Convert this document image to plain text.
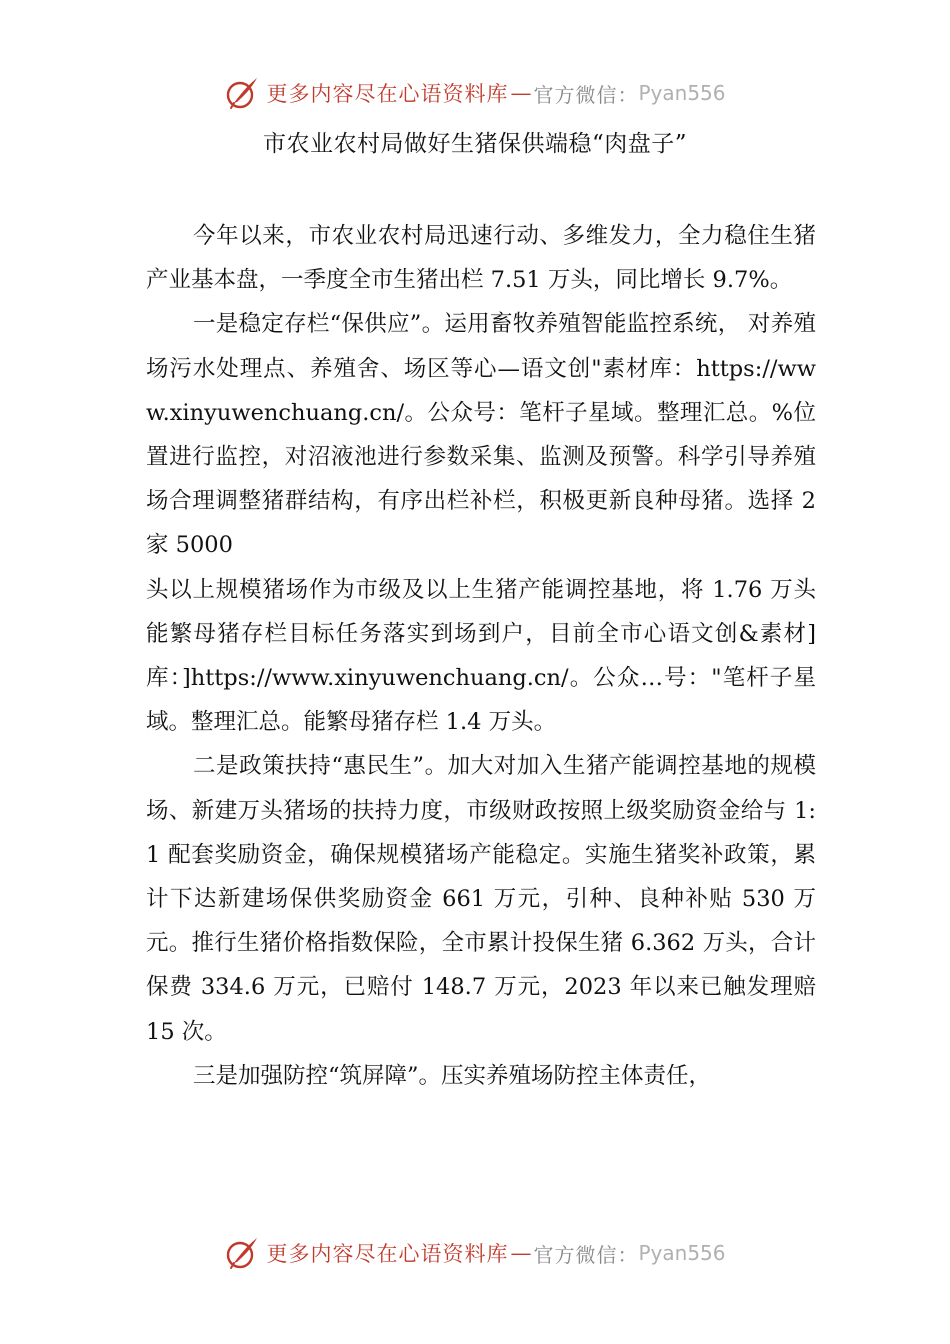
更多内容尽在心语资料库 — 官方微信： Pyan556
市农业农村局做好生猪保供端稳“肉盘子”

今年以来，市农业农村局迅速行动、多维发力，全力稳住生猪产业基本盘，一季度全市生猪出栏 7.51 万头，同比增长 9.7%。

一是稳定存栏“保供应”。运用畜牧养殖智能监控系统， 对养殖场污水处理点、养殖舍、场区等心—语文创"素材库：https://www.xinyuwenchuang.cn/。公众号：笔杆子星域。整理汇总。%位置进行监控，对沼液池进行参数采集、监测及预警。科学引导养殖场合理调整猪群结构，有序出栏补栏，积极更新良种母猪。选择 2 家 5000

头以上规模猪场作为市级及以上生猪产能调控基地，将 1.76 万头能繁母猪存栏目标任务落实到场到户，目前全市心语文创&素材]库：]https://www.xinyuwenchuang.cn/。公众…号："笔杆子星域。整理汇总。能繁母猪存栏 1.4 万头。

二是政策扶持“惠民生”。加大对加入生猪产能调控基地的规模场、新建万头猪场的扶持力度，市级财政按照上级奖励资金给与 1:1 配套奖励资金，确保规模猪场产能稳定。实施生猪奖补政策，累计下达新建场保供奖励资金 661 万元，引种、良种补贴 530 万元。推行生猪价格指数保险，全市累计投保生猪 6.362 万头，合计保费 334.6 万元，已赔付 148.7 万元，2023 年以来已触发理赔 15 次。

三是加强防控“筑屏障”。压实养殖场防控主体责任，

更多内容尽在心语资料库 — 官方微信： Pyan556
